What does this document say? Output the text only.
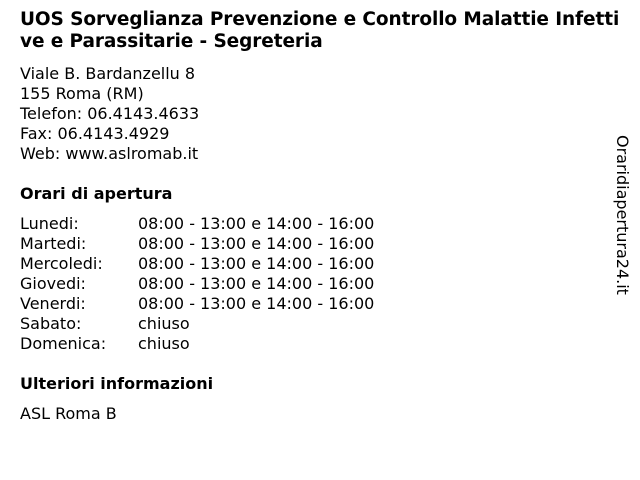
UOS Sorveglianza Prevenzione e Controllo Malattie Infettive e Parassitarie - Segreteria
Viale B. Bardanzellu 8
155 Roma (RM)
Telefon: 06.4143.4633
Fax: 06.4143.4929
Web: www.aslromab.it
Orari di apertura
Lunedi:	08:00 - 13:00 e 14:00 - 16:00
Martedi:	08:00 - 13:00 e 14:00 - 16:00
Mercoledi:	08:00 - 13:00 e 14:00 - 16:00
Giovedi:	08:00 - 13:00 e 14:00 - 16:00
Venerdi:	08:00 - 13:00 e 14:00 - 16:00
Sabato:	chiuso
Domenica:	chiuso
Ulteriori informazioni
ASL Roma B
Oraridiapertura24.it
